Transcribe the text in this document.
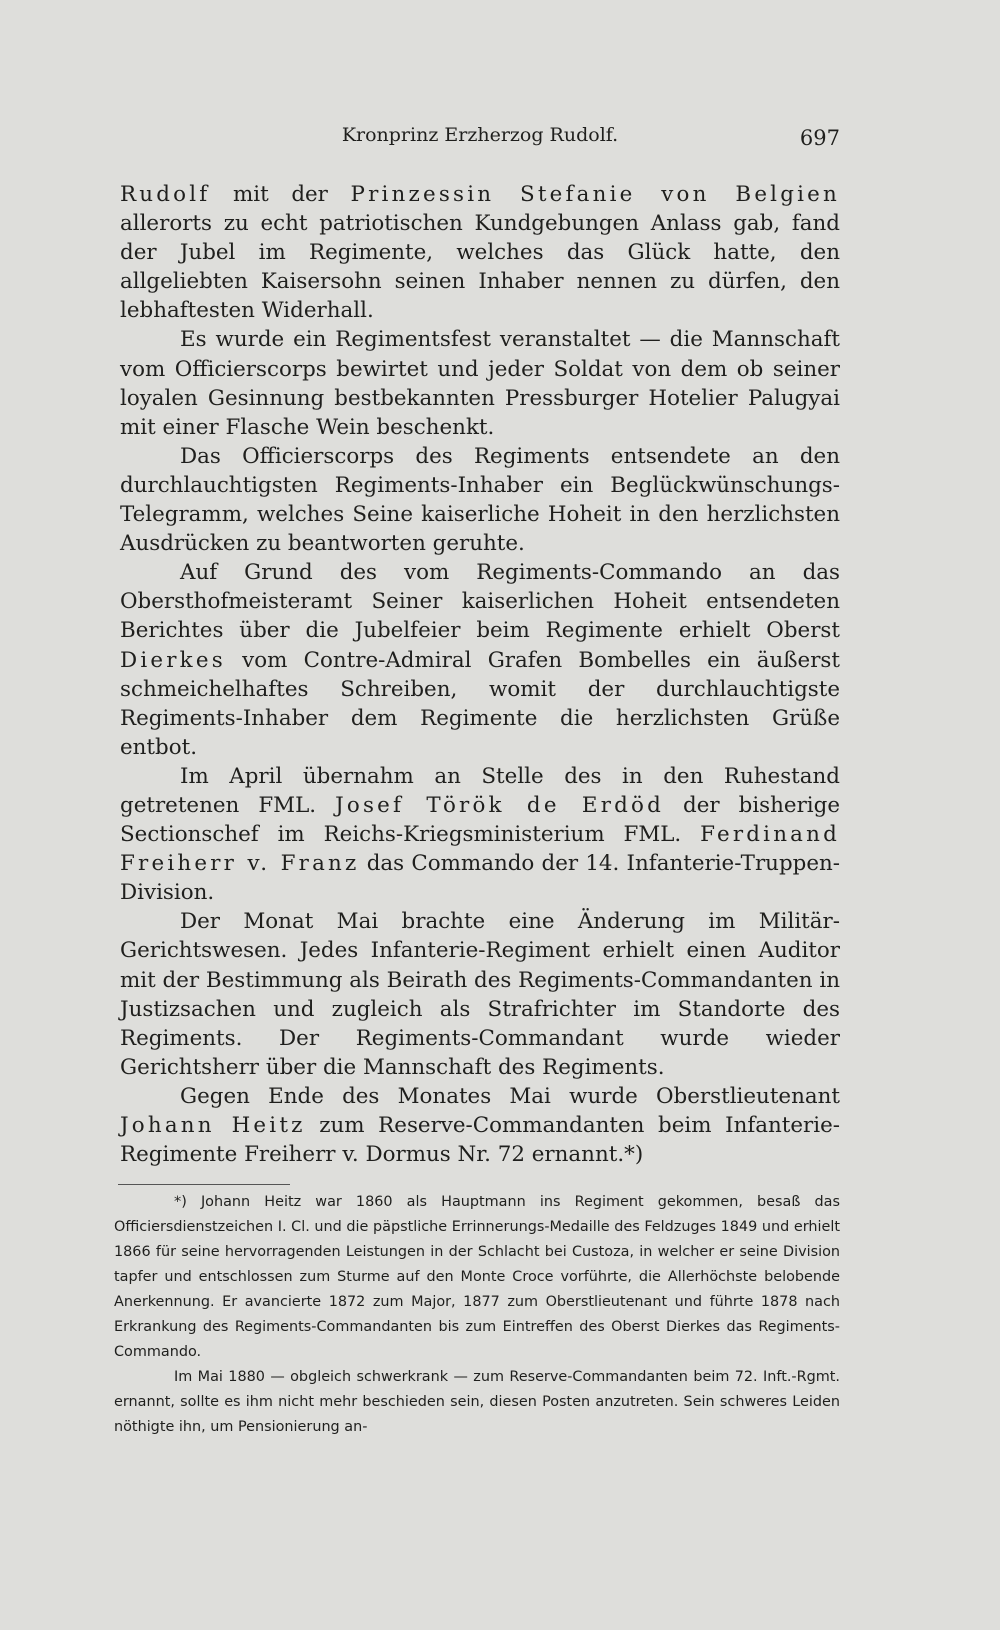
Kronprinz Erzherzog Rudolf.	697

Rudolf mit der Prinzessin Stefanie von Belgien allerorts zu echt patriotischen Kundgebungen Anlass gab, fand der Jubel im Regimente, welches das Glück hatte, den allgeliebten Kaisersohn seinen Inhaber nennen zu dürfen, den lebhaftesten Widerhall.

Es wurde ein Regimentsfest veranstaltet — die Mannschaft vom Officierscorps bewirtet und jeder Soldat von dem ob seiner loyalen Gesinnung bestbekannten Pressburger Hotelier Palugyai mit einer Flasche Wein beschenkt.

Das Officierscorps des Regiments entsendete an den durchlauchtigsten Regiments-Inhaber ein Beglückwünschungs-Telegramm, welches Seine kaiserliche Hoheit in den herzlichsten Ausdrücken zu beantworten geruhte.

Auf Grund des vom Regiments-Commando an das Obersthofmeisteramt Seiner kaiserlichen Hoheit entsendeten Berichtes über die Jubelfeier beim Regimente erhielt Oberst Dierkes vom Contre-Admiral Grafen Bombelles ein äußerst schmeichelhaftes Schreiben, womit der durchlauchtigste Regiments-Inhaber dem Regimente die herzlichsten Grüße entbot.

Im April übernahm an Stelle des in den Ruhestand getretenen FML. Josef Török de Erdöd der bisherige Sectionschef im Reichs-Kriegsministerium FML. Ferdinand Freiherr v. Franz das Commando der 14. Infanterie-Truppen-Division.

Der Monat Mai brachte eine Änderung im Militär-Gerichtswesen. Jedes Infanterie-Regiment erhielt einen Auditor mit der Bestimmung als Beirath des Regiments-Commandanten in Justizsachen und zugleich als Strafrichter im Standorte des Regiments. Der Regiments-Commandant wurde wieder Gerichtsherr über die Mannschaft des Regiments.

Gegen Ende des Monates Mai wurde Oberstlieutenant Johann Heitz zum Reserve-Commandanten beim Infanterie-Regimente Freiherr v. Dormus Nr. 72 ernannt.*)

*) Johann Heitz war 1860 als Hauptmann ins Regiment gekommen, besaß das Officiersdienstzeichen I. Cl. und die päpstliche Errinnerungs-Medaille des Feldzuges 1849 und erhielt 1866 für seine hervorragenden Leistungen in der Schlacht bei Custoza, in welcher er seine Division tapfer und entschlossen zum Sturme auf den Monte Croce vorführte, die Allerhöchste belobende Anerkennung. Er avancierte 1872 zum Major, 1877 zum Oberstlieutenant und führte 1878 nach Erkrankung des Regiments-Commandanten bis zum Eintreffen des Oberst Dierkes das Regiments-Commando.

Im Mai 1880 — obgleich schwerkrank — zum Reserve-Commandanten beim 72. Inft.-Rgmt. ernannt, sollte es ihm nicht mehr beschieden sein, diesen Posten anzutreten. Sein schweres Leiden nöthigte ihn, um Pensionierung an-
